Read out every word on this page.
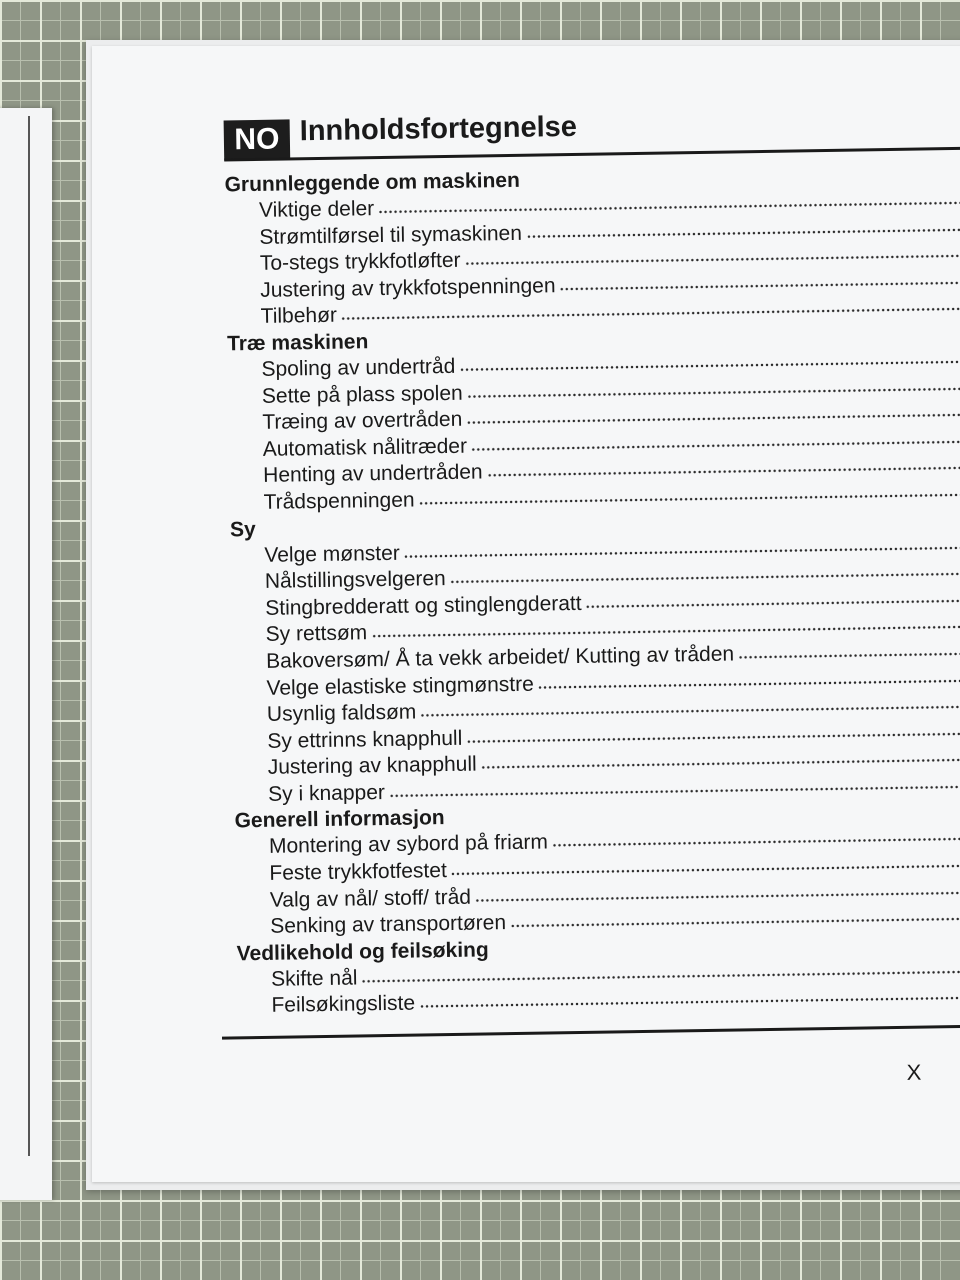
NO Innholdsfortegnelse
Grunnleggende om maskinen
Viktige deler
Strømtilførsel til symaskinen
To-stegs trykkfotløfter
Justering av trykkfotspenningen
Tilbehør
Træ maskinen
Spoling av undertråd
Sette på plass spolen
Træing av overtråden
Automatisk nålitræder
Henting av undertråden
Trådspenningen
Sy
Velge mønster
Nålstillingsvelgeren
Stingbredderatt og stinglengderatt
Sy rettsøm
Bakoversøm/ Å ta vekk arbeidet/ Kutting av tråden
Velge elastiske stingmønstre
Usynlig faldsøm
Sy ettrinns knapphull
Justering av knapphull
Sy i knapper
Generell informasjon
Montering av sybord på friarm
Feste trykkfotfestet
Valg av nål/ stoff/ tråd
Senking av transportøren
Vedlikehold og feilsøking
Skifte nål
Feilsøkingsliste
X
